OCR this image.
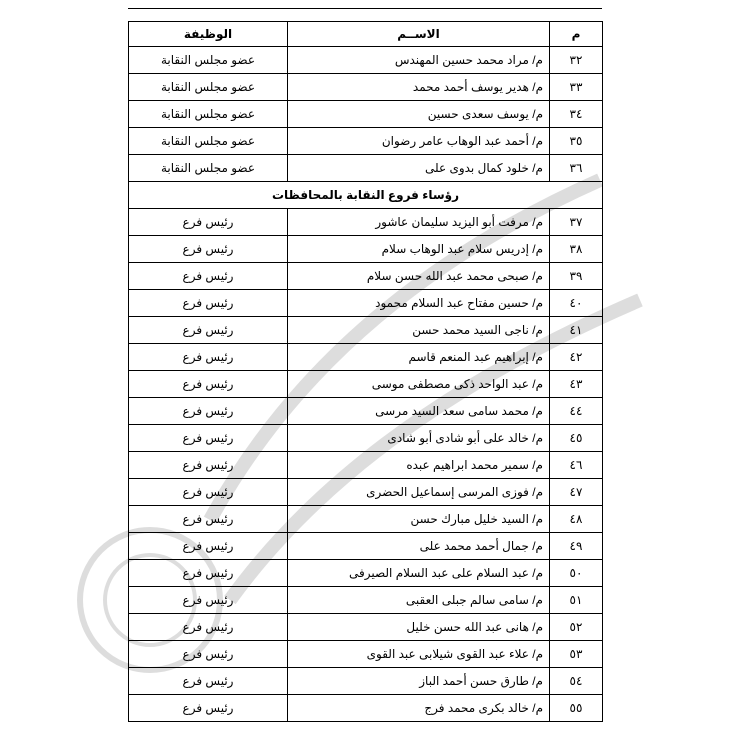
م	الاســم	الوظيفة
٣٢	م/ مراد محمد حسين المهندس	عضو مجلس النقابة
٣٣	م/ هدير يوسف أحمد محمد	عضو مجلس النقابة
٣٤	م/ يوسف سعدى حسين	عضو مجلس النقابة
٣٥	م/ أحمد عبد الوهاب عامر رضوان	عضو مجلس النقابة
٣٦	م/ خلود كمال بدوى على	عضو مجلس النقابة
رؤساء فروع النقابة بالمحافظات		
٣٧	م/ مرفت أبو اليزيد سليمان عاشور	رئيس فرع
٣٨	م/ إدريس سلام عبد الوهاب سلام	رئيس فرع
٣٩	م/ صبحى محمد عبد الله حسن سلام	رئيس فرع
٤٠	م/ حسين مفتاح عبد السلام محمود	رئيس فرع
٤١	م/ ناجى السيد محمد حسن	رئيس فرع
٤٢	م/ إبراهيم عبد المنعم قاسم	رئيس فرع
٤٣	م/ عبد الواحد ذكى مصطفى موسى	رئيس فرع
٤٤	م/ محمد سامى سعد السيد مرسى	رئيس فرع
٤٥	م/ خالد على أبو شادى أبو شادى	رئيس فرع
٤٦	م/ سمير محمد ابراهيم عبده	رئيس فرع
٤٧	م/ فوزى المرسى إسماعيل الحضرى	رئيس فرع
٤٨	م/ السيد خليل مبارك حسن	رئيس فرع
٤٩	م/ جمال أحمد محمد على	رئيس فرع
٥٠	م/ عبد السلام على عبد السلام الصيرفى	رئيس فرع
٥١	م/ سامى سالم جبلى العقبى	رئيس فرع
٥٢	م/ هانى عبد الله حسن خليل	رئيس فرع
٥٣	م/ علاء عبد القوى شيلابى عبد القوى	رئيس فرع
٥٤	م/ طارق حسن أحمد الباز	رئيس فرع
٥٥	م/ خالد بكرى محمد فرج	رئيس فرع
